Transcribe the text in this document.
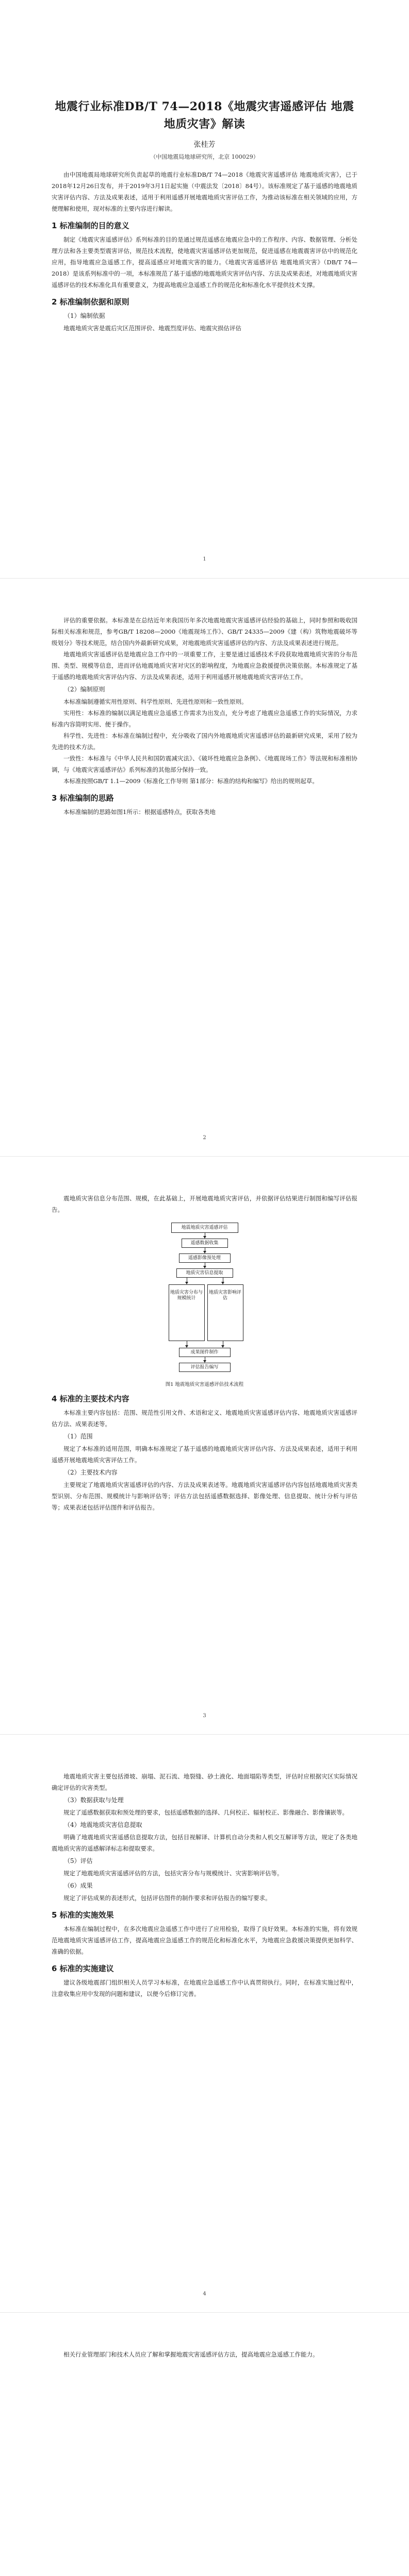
地震行业标准DB/T 74—2018《地震灾害遥感评估 地震地质灾害》解读
张桂芳
（中国地震局地球研究所，北京 100029）

由中国地震局地球研究所负责起草的地震行业标准DB/T 74—2018《地震灾害遥感评估 地震地质灾害》，已于2018年12月26日发布，并于2019年3月1日起实施（中震法发〔2018〕84号）。该标准规定了基于遥感的地震地质灾害评估内容、方法及成果表述，适用于利用遥感开展地震地质灾害评估工作，为推动该标准在相关领域的应用，方便理解和使用，现对标准的主要内容进行解读。

1 标准编制的目的意义

制定《地震灾害遥感评估》系列标准的目的是通过规范遥感在地震应急中的工作程序、内容、数据管理、分析处理方法和各主要类型震害评估，规范技术流程，使地震灾害遥感评估更加规范，促进遥感在地震震害评估中的规范化应用，指导地震应急遥感工作，提高遥感应对地震灾害的能力。《地震灾害遥感评估 地震地质灾害》（DB/T 74—2018）是该系列标准中的一项，本标准规范了基于遥感的地震地质灾害评估内容、方法及成果表述，对地震地质灾害遥感评估的技术标准化具有重要意义，为提高地震应急遥感工作的规范化和标准化水平提供技术支撑。

2 标准编制依据和原则
（1）编制依据

地震地质灾害是震后灾区范围评价、地震烈度评估、地震灾损估评估

1

评估的重要依据。本标准是在总结近年来我国历年多次地震地震灾害遥感评估经验的基础上，同时参照和吸收国际相关标准和规范，参考GB/T 18208—2000《地震现场工作》、GB/T 24335—2009《建（构）筑物地震破坏等级划分》等技术规范，结合国内外最新研究成果，对地震地质灾害遥感评估的内容、方法及成果表述进行规范。

地震地质灾害遥感评估是地震应急工作中的一项重要工作，主要是通过遥感技术手段获取地震地质灾害的分布范围、类型、规模等信息，进而评估地震地质灾害对灾区的影响程度，为地震应急救援提供决策依据。本标准规定了基于遥感的地震地质灾害评估内容、方法及成果表述，适用于利用遥感开展地震地质灾害评估工作。

（2）编制原则

本标准编制遵循实用性原则、科学性原则、先进性原则和一致性原则。

实用性：本标准的编制以满足地震应急遥感工作需求为出发点，充分考虑了地震应急遥感工作的实际情况，力求标准内容简明实用、便于操作。

科学性、先进性：本标准在编制过程中，充分吸收了国内外地震地质灾害遥感评估的最新研究成果，采用了较为先进的技术方法。

一致性：本标准与《中华人民共和国防震减灾法》、《破坏性地震应急条例》、《地震现场工作》等法规和标准相协调，与《地震灾害遥感评估》系列标准的其他部分保持一致。

本标准按照GB/T 1.1—2009《标准化工作导则 第1部分：标准的结构和编写》给出的规则起草。

3 标准编制的思路

本标准编制的思路如图1所示：根据遥感特点，获取各类地

2

震地质灾害信息分布范围、规模，在此基础上，开展地震地质灾害评估，并依据评估结果进行制图和编写评估报告。

地震地质灾害遥感评估
遥感数据收集
遥感影像预处理
地质灾害信息提取
地质灾害分布与规模统计
地质灾害影响评估
成果图件制作
评估报告编写
图1 地震地质灾害遥感评估技术流程
4 标准的主要技术内容

本标准主要内容包括：范围、规范性引用文件、术语和定义、地震地质灾害遥感评估内容、地震地质灾害遥感评估方法、成果表述等。

（1）范围

规定了本标准的适用范围，明确本标准规定了基于遥感的地震地质灾害评估内容、方法及成果表述，适用于利用遥感开展地震地质灾害评估工作。

（2）主要技术内容

主要规定了地震地质灾害遥感评估的内容、方法及成果表述等。地震地质灾害遥感评估内容包括地震地质灾害类型识别、分布范围、规模统计与影响评估等；评估方法包括遥感数据选择、影像处理、信息提取、统计分析与评估等；成果表述包括评估图件和评估报告。

3

地震地质灾害主要包括滑坡、崩塌、泥石流、地裂缝、砂土液化、地面塌陷等类型，评估时应根据灾区实际情况确定评估的灾害类型。

（3）数据获取与处理

规定了遥感数据获取和预处理的要求，包括遥感数据的选择、几何校正、辐射校正、影像融合、影像镶嵌等。

（4）地震地质灾害信息提取

明确了地震地质灾害遥感信息提取方法，包括目视解译、计算机自动分类和人机交互解译等方法，规定了各类地震地质灾害的遥感解译标志和提取要求。

（5）评估

规定了地震地质灾害遥感评估的方法，包括灾害分布与规模统计、灾害影响评估等。

（6）成果

规定了评估成果的表述形式，包括评估图件的制作要求和评估报告的编写要求。

5 标准的实施效果

本标准在编制过程中，在多次地震应急遥感工作中进行了应用检验，取得了良好效果。本标准的实施，将有效规范地震地质灾害遥感评估工作，提高地震应急遥感工作的规范化和标准化水平，为地震应急救援决策提供更加科学、准确的依据。

6 标准的实施建议

建议各级地震部门组织相关人员学习本标准，在地震应急遥感工作中认真贯彻执行。同时，在标准实施过程中，注意收集应用中发现的问题和建议，以便今后修订完善。

4

相关行业管理部门和技术人员应了解和掌握地震灾害遥感评估方法，提高地震应急遥感工作能力。
